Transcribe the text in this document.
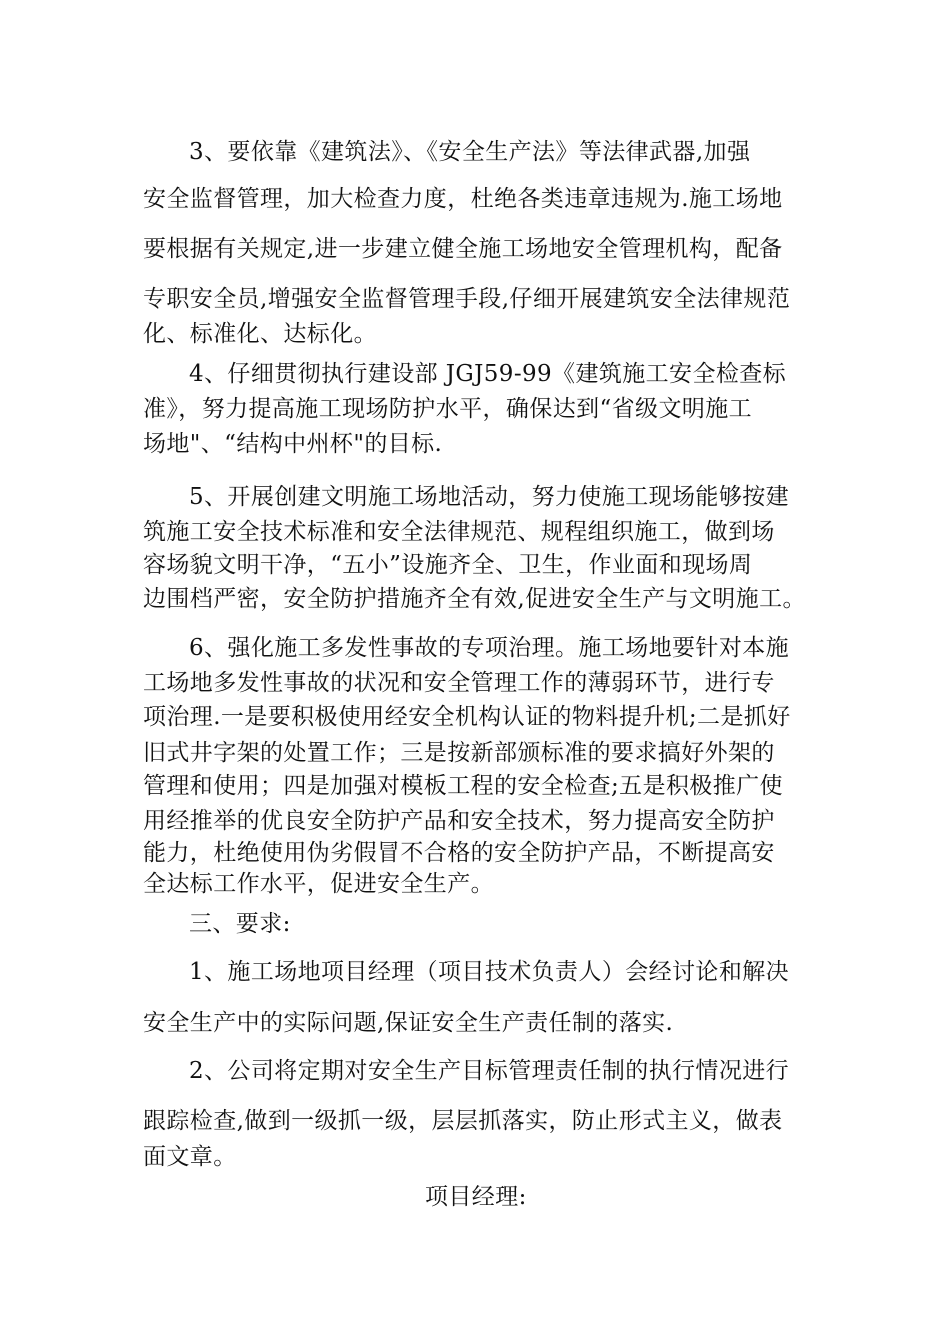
3、要依靠《建筑法》、《安全生产法》等法律武器,加强
安全监督管理，加大检查力度，杜绝各类违章违规为.施工场地
要根据有关规定,进一步建立健全施工场地安全管理机构，配备
专职安全员,增强安全监督管理手段,仔细开展建筑安全法律规范
化、标准化、达标化。
4、仔细贯彻执行建设部 JGJ59-99《建筑施工安全检查标
准》，努力提高施工现场防护水平，确保达到“省级文明施工
场地"、“结构中州杯"的目标.
5、开展创建文明施工场地活动，努力使施工现场能够按建
筑施工安全技术标准和安全法律规范、规程组织施工，做到场
容场貌文明干净，“五小”设施齐全、卫生，作业面和现场周
边围档严密，安全防护措施齐全有效,促进安全生产与文明施工。
6、强化施工多发性事故的专项治理。施工场地要针对本施
工场地多发性事故的状况和安全管理工作的薄弱环节，进行专
项治理.一是要积极使用经安全机构认证的物料提升机;二是抓好
旧式井字架的处置工作；三是按新部颁标准的要求搞好外架的
管理和使用；四是加强对模板工程的安全检查;五是积极推广使
用经推举的优良安全防护产品和安全技术，努力提高安全防护
能力，杜绝使用伪劣假冒不合格的安全防护产品，不断提高安
全达标工作水平，促进安全生产。
三、要求:
1、施工场地项目经理（项目技术负责人）会经讨论和解决
安全生产中的实际问题,保证安全生产责任制的落实.
2、公司将定期对安全生产目标管理责任制的执行情况进行
跟踪检查,做到一级抓一级，层层抓落实，防止形式主义，做表
面文章。
项目经理:
